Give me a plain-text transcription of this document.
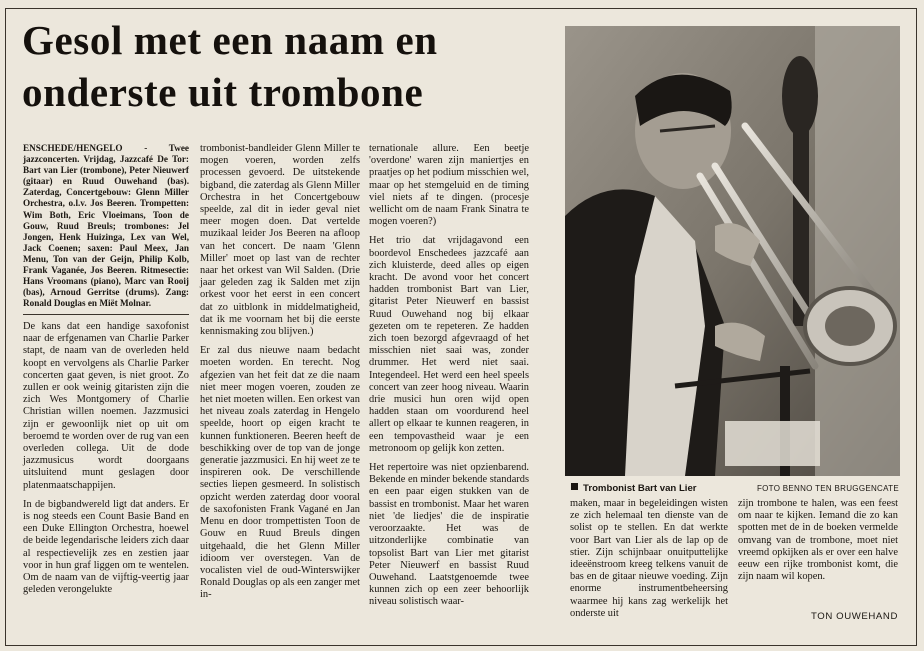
Gesol met een naam en
onderste uit trombone

ENSCHEDE/HENGELO - Twee jazzconcerten. Vrijdag, Jazzcafé De Tor: Bart van Lier (trombone), Peter Nieuwerf (gitaar) en Ruud Ouwehand (bas). Zaterdag, Concertgebouw: Glenn Miller Orchestra, o.l.v. Jos Beeren. Trompetten: Wim Both, Eric Vloeimans, Toon de Gouw, Ruud Breuls; trombones: Jel Jongen, Henk Huizinga, Lex van Wel, Jack Coenen; saxen: Paul Meex, Jan Menu, Ton van der Geijn, Philip Kolb, Frank Vaganée, Jos Beeren. Ritmesectie: Hans Vroomans (piano), Marc van Rooij (bas), Arnoud Gerritse (drums). Zang: Ronald Douglas en Miët Molnar.

De kans dat een handige saxofonist naar de erfgenamen van Charlie Parker stapt, de naam van de overleden held koopt en vervolgens als Charlie Parker concerten gaat geven, is niet groot. Zo zullen er ook weinig gitaristen zijn die zich Wes Montgomery of Charlie Christian willen noemen. Jazzmusici zijn er gewoonlijk niet op uit om beroemd te worden over de rug van een overleden collega. Uit de dode jazzmusicus wordt doorgaans uitsluitend munt geslagen door platenmaatschappijen.

In de bigbandwereld ligt dat anders. Er is nog steeds een Count Basie Band en een Duke Ellington Orchestra, hoewel de beide legendarische leiders zich daar al respectievelijk zes en zestien jaar voor in hun graf liggen om te wentelen. Om de naam van de vijftig-veertig jaar geleden verongelukte

trombonist-bandleider Glenn Miller te mogen voeren, worden zelfs processen gevoerd. De uitstekende bigband, die zaterdag als Glenn Miller Orchestra in het Concertgebouw speelde, zal dit in ieder geval niet meer mogen doen. Dat vertelde muzikaal leider Jos Beeren na afloop van het concert. De naam 'Glenn Miller' moet op last van de rechter naar het orkest van Wil Salden. (Drie jaar geleden zag ik Salden met zijn orkest voor het eerst in een concert dat zo uitblonk in middelmatigheid, dat ik me voornam het bij die eerste kennismaking zou blijven.)

Er zal dus nieuwe naam bedacht moeten worden. En terecht. Nog afgezien van het feit dat ze die naam niet meer mogen voeren, zouden ze het niet moeten willen. Een orkest van het niveau zoals zaterdag in Hengelo speelde, hoort op eigen kracht te kunnen funktioneren. Beeren heeft de beschikking over de top van de jonge generatie jazzmusici. En hij weet ze te inspireren ook. De verschillende secties liepen gesmeerd. In solistisch opzicht werden zaterdag door vooral de saxofonisten Frank Vagané en Jan Menu en door trompettisten Toon de Gouw en Ruud Breuls dingen uitgehaald, die het Glenn Miller idioom ver overstegen. Van de vocalisten viel de oud-Winterswijker Ronald Douglas op als een zanger met in-

ternationale allure. Een beetje 'overdone' waren zijn maniertjes en praatjes op het podium misschien wel, maar op het stemgeluid en de timing viel niets af te dingen. (procesje wellicht om de naam Frank Sinatra te mogen voeren?)

Het trio dat vrijdagavond een boordevol Enschedees jazzcafé aan zich kluisterde, deed alles op eigen kracht. De avond voor het concert hadden trombonist Bart van Lier, gitarist Peter Nieuwerf en bassist Ruud Ouwehand nog bij elkaar gezeten om te repeteren. Ze hadden zich toen bezorgd afgevraagd of het misschien niet saai was, zonder drummer. Het werd niet saai. Integendeel. Het werd een heel speels concert van zeer hoog niveau. Waarin drie musici hun oren wijd open hadden staan om voordurend heel allert op elkaar te kunnen reageren, in een tempovastheid waar je een metronoom op gelijk kon zetten.

Het repertoire was niet opzienbarend. Bekende en minder bekende standards en een paar eigen stukken van de bassist en trombonist. Maar het waren niet 'de liedjes' die de inspiratie veroorzaakte. Het was de uitzonderlijke combinatie van topsolist Bart van Lier met gitarist Peter Nieuwerf en bassist Ruud Ouwehand. Laatstgenoemde twee kunnen zich op een zeer behoorlijk niveau solistisch waar-

Trombonist Bart van Lier	FOTO BENNO TEN BRUGGENCATE

maken, maar in begeleidingen wisten ze zich helemaal ten dienste van de solist op te stellen. En dat werkte voor Bart van Lier als de lap op de stier. Zijn schijnbaar onuitputtelijke ideeënstroom kreeg telkens vanuit de bas en de gitaar nieuwe voeding. Zijn enorme instrumentbeheersing waarmee hij kans zag werkelijk het onderste uit

zijn trombone te halen, was een feest om naar te kijken. Iemand die zo kan spotten met de in de boeken vermelde omvang van de trombone, moet niet vreemd opkijken als er over een halve eeuw een rijke trombonist komt, die zijn naam wil kopen.

TON OUWEHAND
